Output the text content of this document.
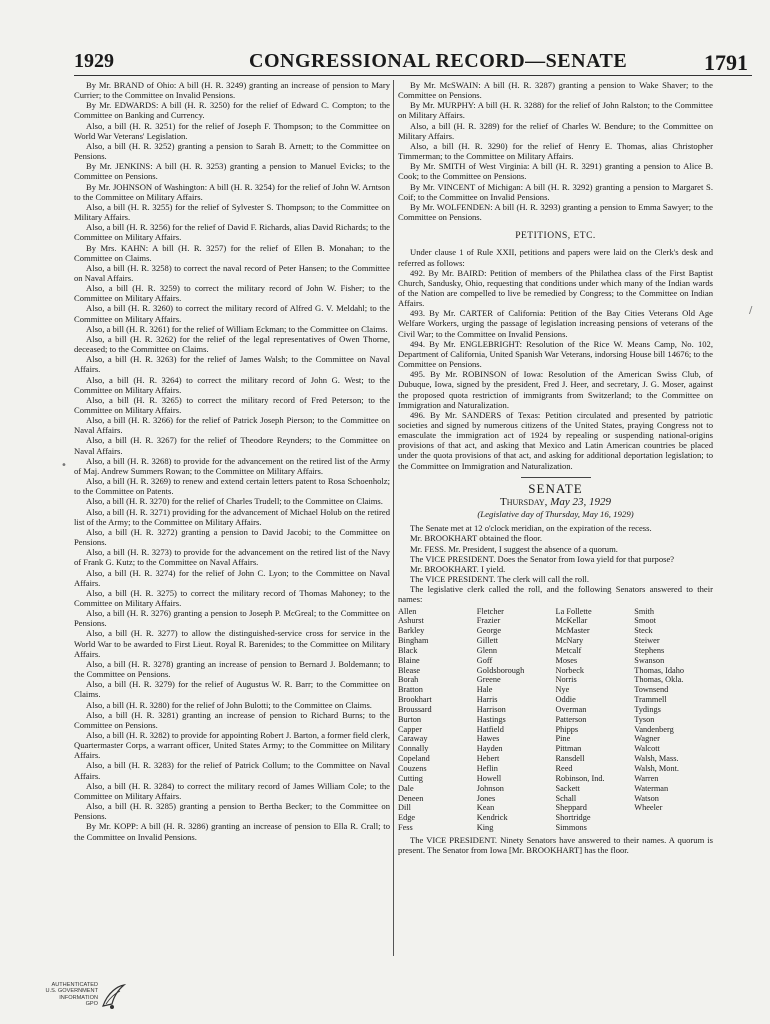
1929	CONGRESSIONAL RECORD—SENATE	1791

By Mr. BRAND of Ohio: A bill (H. R. 3249) granting an increase of pension to Mary Currier; to the Committee on Invalid Pensions.

By Mr. EDWARDS: A bill (H. R. 3250) for the relief of Edward C. Compton; to the Committee on Banking and Currency.

Also, a bill (H. R. 3251) for the relief of Joseph F. Thompson; to the Committee on World War Veterans' Legislation.

Also, a bill (H. R. 3252) granting a pension to Sarah B. Arnett; to the Committee on Pensions.

By Mr. JENKINS: A bill (H. R. 3253) granting a pension to Manuel Evicks; to the Committee on Pensions.

By Mr. JOHNSON of Washington: A bill (H. R. 3254) for the relief of John W. Arntson to the Committee on Military Affairs.

Also, a bill (H. R. 3255) for the relief of Sylvester S. Thompson; to the Committee on Military Affairs.

Also, a bill (H. R. 3256) for the relief of David F. Richards, alias David Richards; to the Committee on Military Affairs.

By Mrs. KAHN: A bill (H. R. 3257) for the relief of Ellen B. Monahan; to the Committee on Claims.

Also, a bill (H. R. 3258) to correct the naval record of Peter Hansen; to the Committee on Naval Affairs.

Also, a bill (H. R. 3259) to correct the military record of John W. Fisher; to the Committee on Military Affairs.

Also, a bill (H. R. 3260) to correct the military record of Alfred G. V. Meldahl; to the Committee on Military Affairs.

Also, a bill (H. R. 3261) for the relief of William Eckman; to the Committee on Claims.

Also, a bill (H. R. 3262) for the relief of the legal representatives of Owen Thorne, deceased; to the Committee on Claims.

Also, a bill (H. R. 3263) for the relief of James Walsh; to the Committee on Naval Affairs.

Also, a bill (H. R. 3264) to correct the military record of John G. West; to the Committee on Military Affairs.

Also, a bill (H. R. 3265) to correct the military record of Fred Peterson; to the Committee on Military Affairs.

Also, a bill (H. R. 3266) for the relief of Patrick Joseph Pierson; to the Committee on Naval Affairs.

Also, a bill (H. R. 3267) for the relief of Theodore Reynders; to the Committee on Naval Affairs.

Also, a bill (H. R. 3268) to provide for the advancement on the retired list of the Army of Maj. Andrew Summers Rowan; to the Committee on Military Affairs.

Also, a bill (H. R. 3269) to renew and extend certain letters patent to Rosa Schoenholz; to the Committee on Patents.

Also, a bill (H. R. 3270) for the relief of Charles Trudell; to the Committee on Claims.

Also, a bill (H. R. 3271) providing for the advancement of Michael Holub on the retired list of the Army; to the Committee on Military Affairs.

Also, a bill (H. R. 3272) granting a pension to David Jacobi; to the Committee on Pensions.

Also, a bill (H. R. 3273) to provide for the advancement on the retired list of the Navy of Frank G. Kutz; to the Committee on Naval Affairs.

Also, a bill (H. R. 3274) for the relief of John C. Lyon; to the Committee on Naval Affairs.

Also, a bill (H. R. 3275) to correct the military record of Thomas Mahoney; to the Committee on Military Affairs.

Also, a bill (H. R. 3276) granting a pension to Joseph P. McGreal; to the Committee on Pensions.

Also, a bill (H. R. 3277) to allow the distinguished-service cross for service in the World War to be awarded to First Lieut. Royal R. Barenides; to the Committee on Military Affairs.

Also, a bill (H. R. 3278) granting an increase of pension to Bernard J. Boldemann; to the Committee on Pensions.

Also, a bill (H. R. 3279) for the relief of Augustus W. R. Barr; to the Committee on Claims.

Also, a bill (H. R. 3280) for the relief of John Bulotti; to the Committee on Claims.

Also, a bill (H. R. 3281) granting an increase of pension to Richard Burns; to the Committee on Pensions.

Also, a bill (H. R. 3282) to provide for appointing Robert J. Barton, a former field clerk, Quartermaster Corps, a warrant officer, United States Army; to the Committee on Military Affairs.

Also, a bill (H. R. 3283) for the relief of Patrick Collum; to the Committee on Naval Affairs.

Also, a bill (H. R. 3284) to correct the military record of James William Cole; to the Committee on Military Affairs.

Also, a bill (H. R. 3285) granting a pension to Bertha Becker; to the Committee on Pensions.

By Mr. KOPP: A bill (H. R. 3286) granting an increase of pension to Ella R. Crall; to the Committee on Invalid Pensions.

By Mr. McSWAIN: A bill (H. R. 3287) granting a pension to Wake Shaver; to the Committee on Pensions.

By Mr. MURPHY: A bill (H. R. 3288) for the relief of John Ralston; to the Committee on Military Affairs.

Also, a bill (H. R. 3289) for the relief of Charles W. Bendure; to the Committee on Military Affairs.

Also, a bill (H. R. 3290) for the relief of Henry E. Thomas, alias Christopher Timmerman; to the Committee on Military Affairs.

By Mr. SMITH of West Virginia: A bill (H. R. 3291) granting a pension to Alice B. Cook; to the Committee on Pensions.

By Mr. VINCENT of Michigan: A bill (H. R. 3292) granting a pension to Margaret S. Coif; to the Committee on Invalid Pensions.

By Mr. WOLFENDEN: A bill (H. R. 3293) granting a pension to Emma Sawyer; to the Committee on Pensions.

PETITIONS, ETC.

Under clause 1 of Rule XXII, petitions and papers were laid on the Clerk's desk and referred as follows:

492. By Mr. BAIRD: Petition of members of the Philathea class of the First Baptist Church, Sandusky, Ohio, requesting that conditions under which many of the Indian wards of the Nation are compelled to live be remedied by Congress; to the Committee on Indian Affairs.

493. By Mr. CARTER of California: Petition of the Bay Cities Veterans Old Age Welfare Workers, urging the passage of legislation increasing pensions of veterans of the Civil War; to the Committee on Invalid Pensions.

494. By Mr. ENGLEBRIGHT: Resolution of the Rice W. Means Camp, No. 102, Department of California, United Spanish War Veterans, indorsing House bill 14676; to the Committee on Pensions.

495. By Mr. ROBINSON of Iowa: Resolution of the American Swiss Club, of Dubuque, Iowa, signed by the president, Fred J. Heer, and secretary, J. G. Moser, against the proposed quota restriction of immigrants from Switzerland; to the Committee on Immigration and Naturalization.

496. By Mr. SANDERS of Texas: Petition circulated and presented by patriotic societies and signed by numerous citizens of the United States, praying Congress not to emasculate the immigration act of 1924 by repealing or suspending national-origins provisions of that act, and asking that Mexico and Latin American countries be placed under the quota provisions of that act, and asking for additional deportation legislation; to the Committee on Immigration and Naturalization.

SENATE
Thursday, May 23, 1929
(Legislative day of Thursday, May 16, 1929)

The Senate met at 12 o'clock meridian, on the expiration of the recess.

Mr. BROOKHART obtained the floor.

Mr. FESS. Mr. President, I suggest the absence of a quorum.

The VICE PRESIDENT. Does the Senator from Iowa yield for that purpose?

Mr. BROOKHART. I yield.

The VICE PRESIDENT. The clerk will call the roll.

The legislative clerk called the roll, and the following Senators answered to their names:

Allen
Ashurst
Barkley
Bingham
Black
Blaine
Blease
Borah
Bratton
Brookhart
Broussard
Burton
Capper
Caraway
Connally
Copeland
Couzens
Cutting
Dale
Deneen
Dill
Edge
Fess
Fletcher
Frazier
George
Gillett
Glenn
Goff
Goldsborough
Greene
Hale
Harris
Harrison
Hastings
Hatfield
Hawes
Hayden
Hebert
Heflin
Howell
Johnson
Jones
Kean
Kendrick
King
La Follette
McKellar
McMaster
McNary
Metcalf
Moses
Norbeck
Norris
Nye
Oddie
Overman
Patterson
Phipps
Pine
Pittman
Ransdell
Reed
Robinson, Ind.
Sackett
Schall
Sheppard
Shortridge
Simmons
Smith
Smoot
Steck
Steiwer
Stephens
Swanson
Thomas, Idaho
Thomas, Okla.
Townsend
Trammell
Tydings
Tyson
Vandenberg
Wagner
Walcott
Walsh, Mass.
Walsh, Mont.
Warren
Waterman
Watson
Wheeler

The VICE PRESIDENT. Ninety Senators have answered to their names. A quorum is present. The Senator from Iowa [Mr. BROOKHART] has the floor.

AUTHENTICATED
U.S. GOVERNMENT
INFORMATION
GPO
/
•
